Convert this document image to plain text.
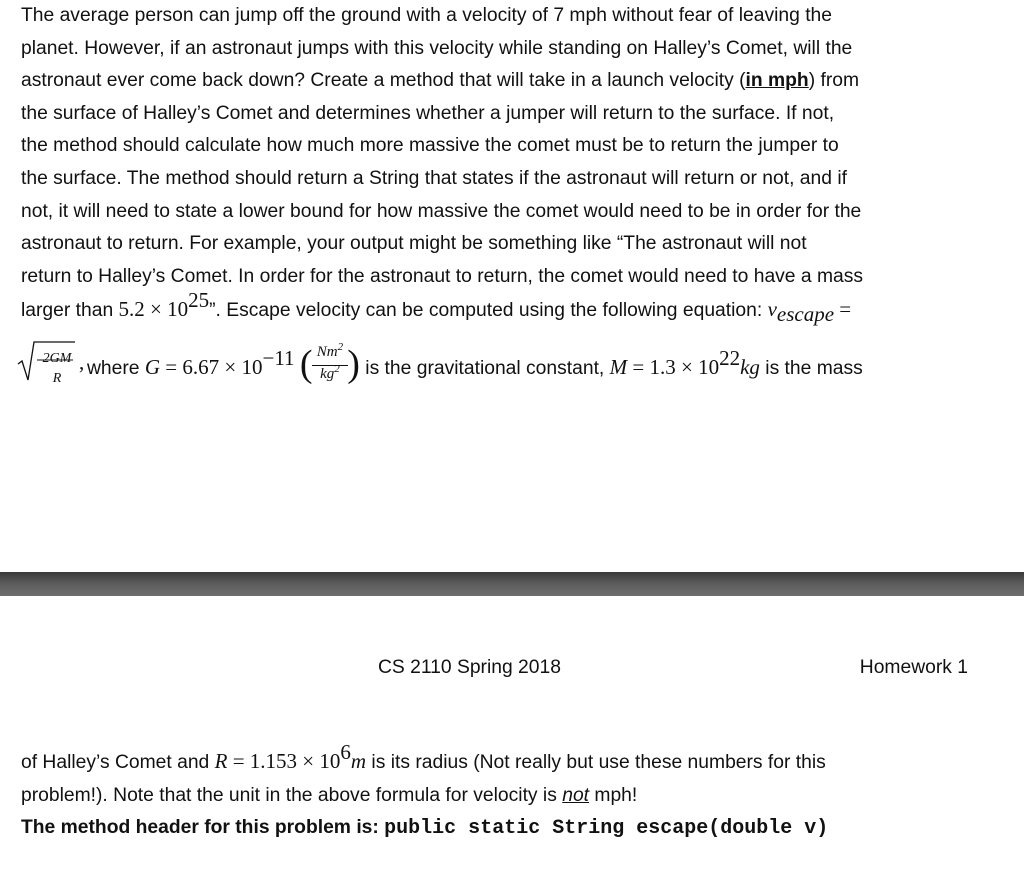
The average person can jump off the ground with a velocity of 7 mph without fear of leaving the
planet. However, if an astronaut jumps with this velocity while standing on Halley’s Comet, will the
astronaut ever come back down? Create a method that will take in a launch velocity (in mph) from
the surface of Halley’s Comet and determines whether a jumper will return to the surface. If not,
the method should calculate how much more massive the comet must be to return the jumper to
the surface. The method should return a String that states if the astronaut will return or not, and if
not, it will need to state a lower bound for how massive the comet would need to be in order for the
astronaut to return. For example, your output might be something like “The astronaut will not
return to Halley’s Comet. In order for the astronaut to return, the comet would need to have a mass
larger than $5.2 \times 10^{25}$”. Escape velocity can be computed using the following equation: $v_{escape}$ =
2GM
R
, where $G = 6.67 \times 10^{-11}$ ( Nm$^2$
$kg^2$ ) is the gravitational constant, $M = 1.3 \times 10^{22}kg$ is the mass
CS 2110 Spring 2018	Homework 1
of Halley’s Comet and $R = 1.153 \times 10^6m$ is its radius (Not really but use these numbers for this
problem!). Note that the unit in the above formula for velocity is not mph!
The method header for this problem is: public static String escape(double v)
